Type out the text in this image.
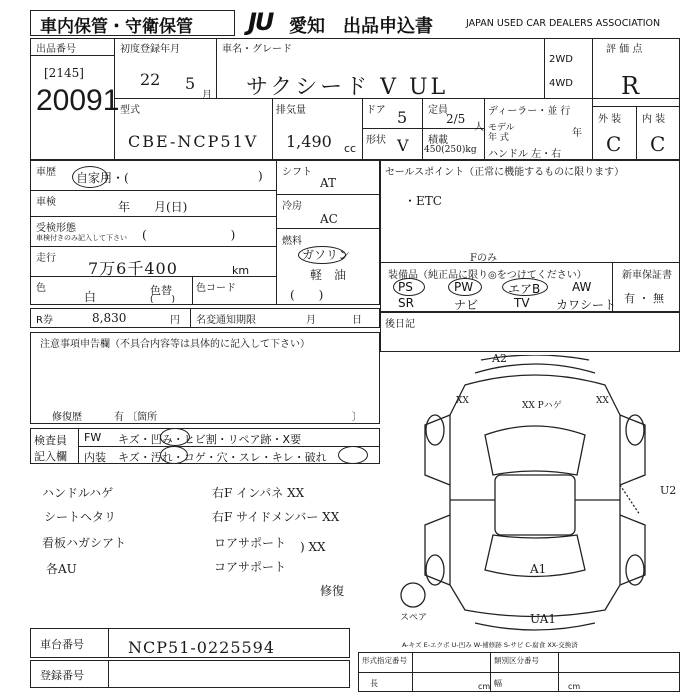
車内保管・守衛保管 JU 愛知 出品申込書	JAPAN USED CAR DEALERS ASSOCIATION
出品番号
[2145]
20091
初度登録年月
22 5
月
車名・グレード
サクシード V UL
2WD
4WD
評 価 点
R
型式
CBE-NCP51V
排気量
1,490 cc
ドア 5
形状 V
定員
2/5
人
積載
450(250)kg
ディーラー・並 行
モデル
年 式	年
ハンドル 左・右
外 装 内 装
C C
車歴 自家用・(	)
車検	年　　月(日)
受検形態
車検付きのみ記入して下さい (　　　　　　　)
走行
7万6千400	km
色
白	色替
(　　)
色コード
シフト
AT
冷房
AC
燃料
ガソリン
軽　油
(　　)
R券	8,830	円 名変通知期限	月	日
注意事項申告欄（不具合内容等は具体的に記入して下さい）
修復歴	有 〔箇所	〕
セールスポイント（正常に機能するものに限ります）
・ETC
Fのみ
装備品（純正品に限り◎をつけてください）	新車保証書
有 ・ 無
PS	PW	エアB	AW
SR	ナビ	TV カワシート
後日記
検査員
記入欄
FW キズ・凹み・ヒビ割・リペア跡・X要
内装 キズ・汚れ・コゲ・穴・スレ・キレ・破れ
ハンドルハゲ
シートヘタリ
看板ハガシアト
各AU
右F インパネ XX
右F サイドメンバー XX
ロアサポート ) XX
コアサポート
修復
A2
XX	XX
XX Pハゲ
U2
A1
UA1
スペア
A-キズ E-エクボ U-凹み W-補修跡 S-サビ C-腐食 XX-交換済
車台番号	NCP51-0225594
登録番号
形式指定番号	類別区分番号
長	cm 幅	cm
